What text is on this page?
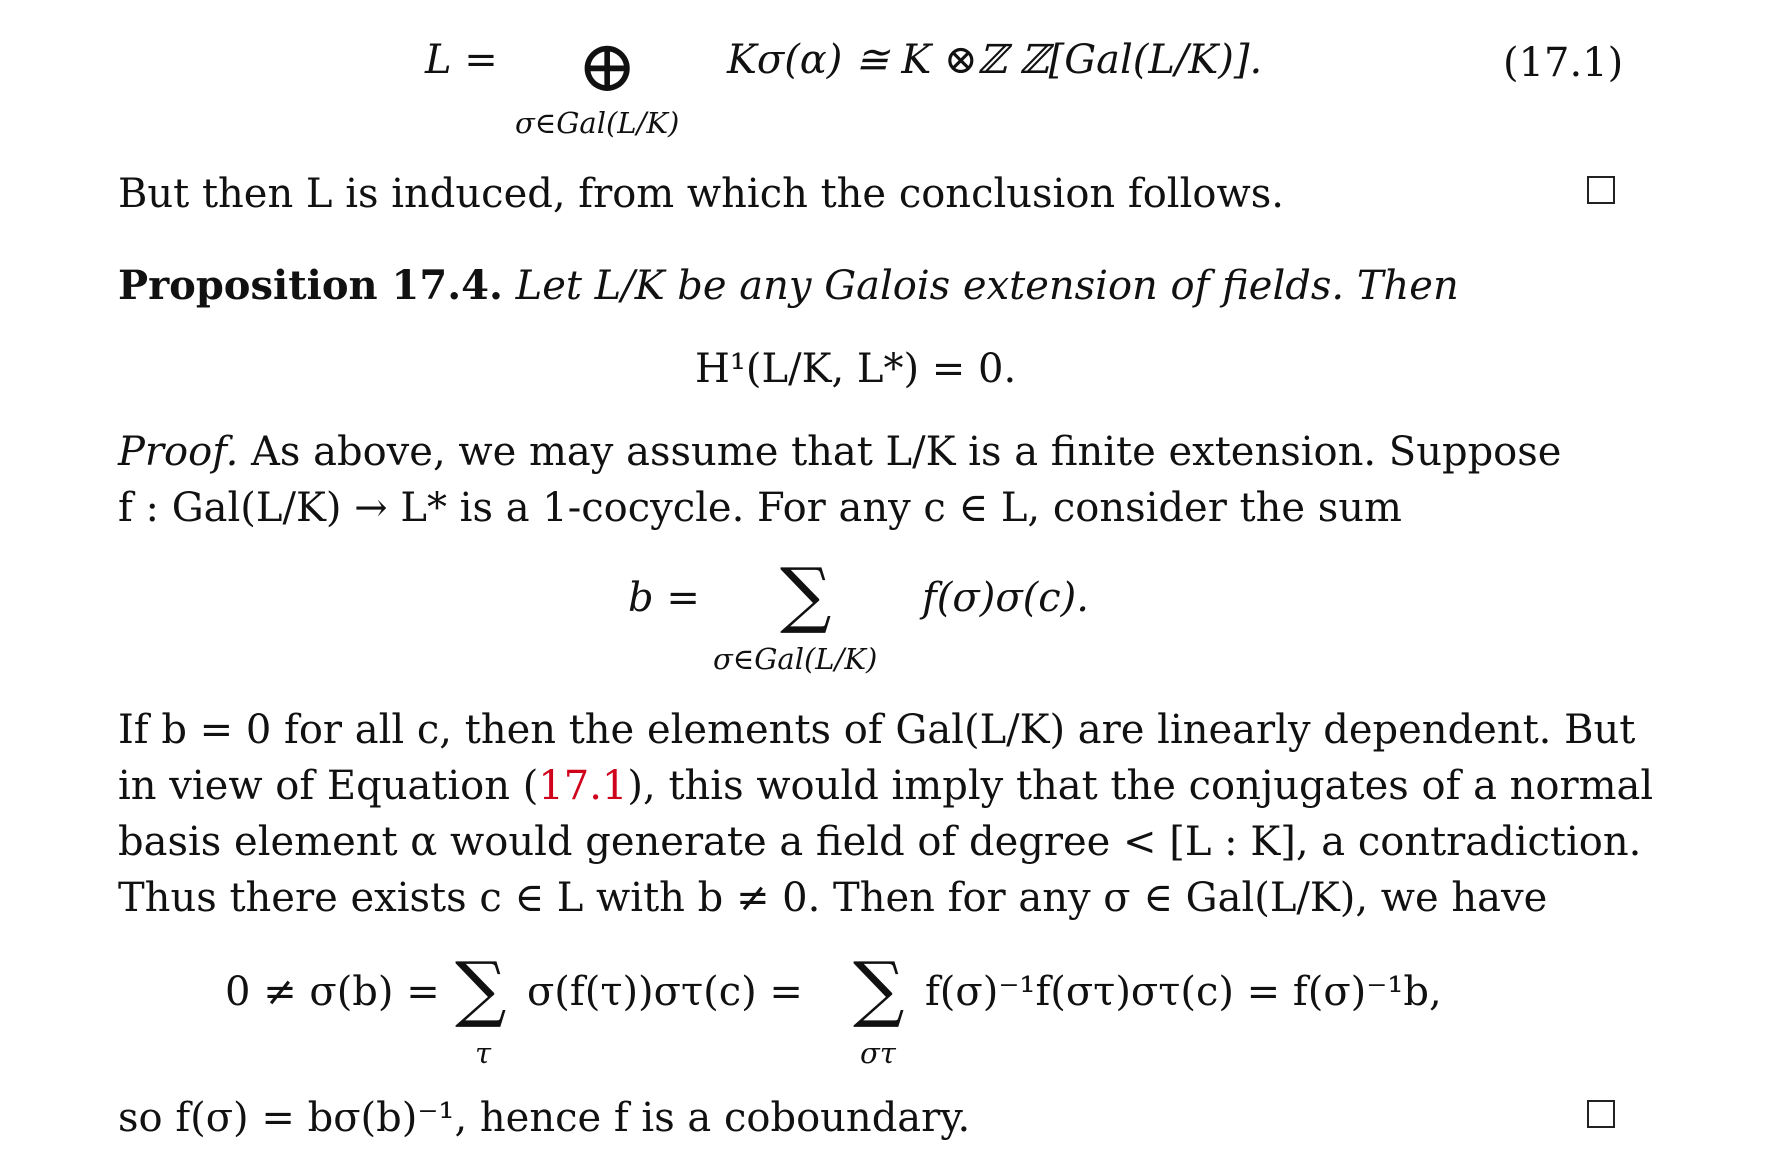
L = ⊕ Kσ(α) ≅ K ⊗ℤ ℤ[Gal(L/K)].	(17.1)
σ∈Gal(L/K)
But then L is induced, from which the conclusion follows.
Proposition 17.4. Let L/K be any Galois extension of fields. Then
H¹(L/K, L*) = 0.
Proof. As above, we may assume that L/K is a finite extension. Suppose
f : Gal(L/K) → L* is a 1-cocycle. For any c ∈ L, consider the sum
b = ∑ f(σ)σ(c).
σ∈Gal(L/K)
If b = 0 for all c, then the elements of Gal(L/K) are linearly dependent. But
in view of Equation (17.1), this would imply that the conjugates of a normal
basis element α would generate a field of degree < [L : K], a contradiction.
Thus there exists c ∈ L with b ≠ 0. Then for any σ ∈ Gal(L/K), we have
0 ≠ σ(b) = ∑ σ(f(τ))στ(c) = ∑ f(σ)⁻¹f(στ)στ(c) = f(σ)⁻¹b,
τ	στ
so f(σ) = bσ(b)⁻¹, hence f is a coboundary.
